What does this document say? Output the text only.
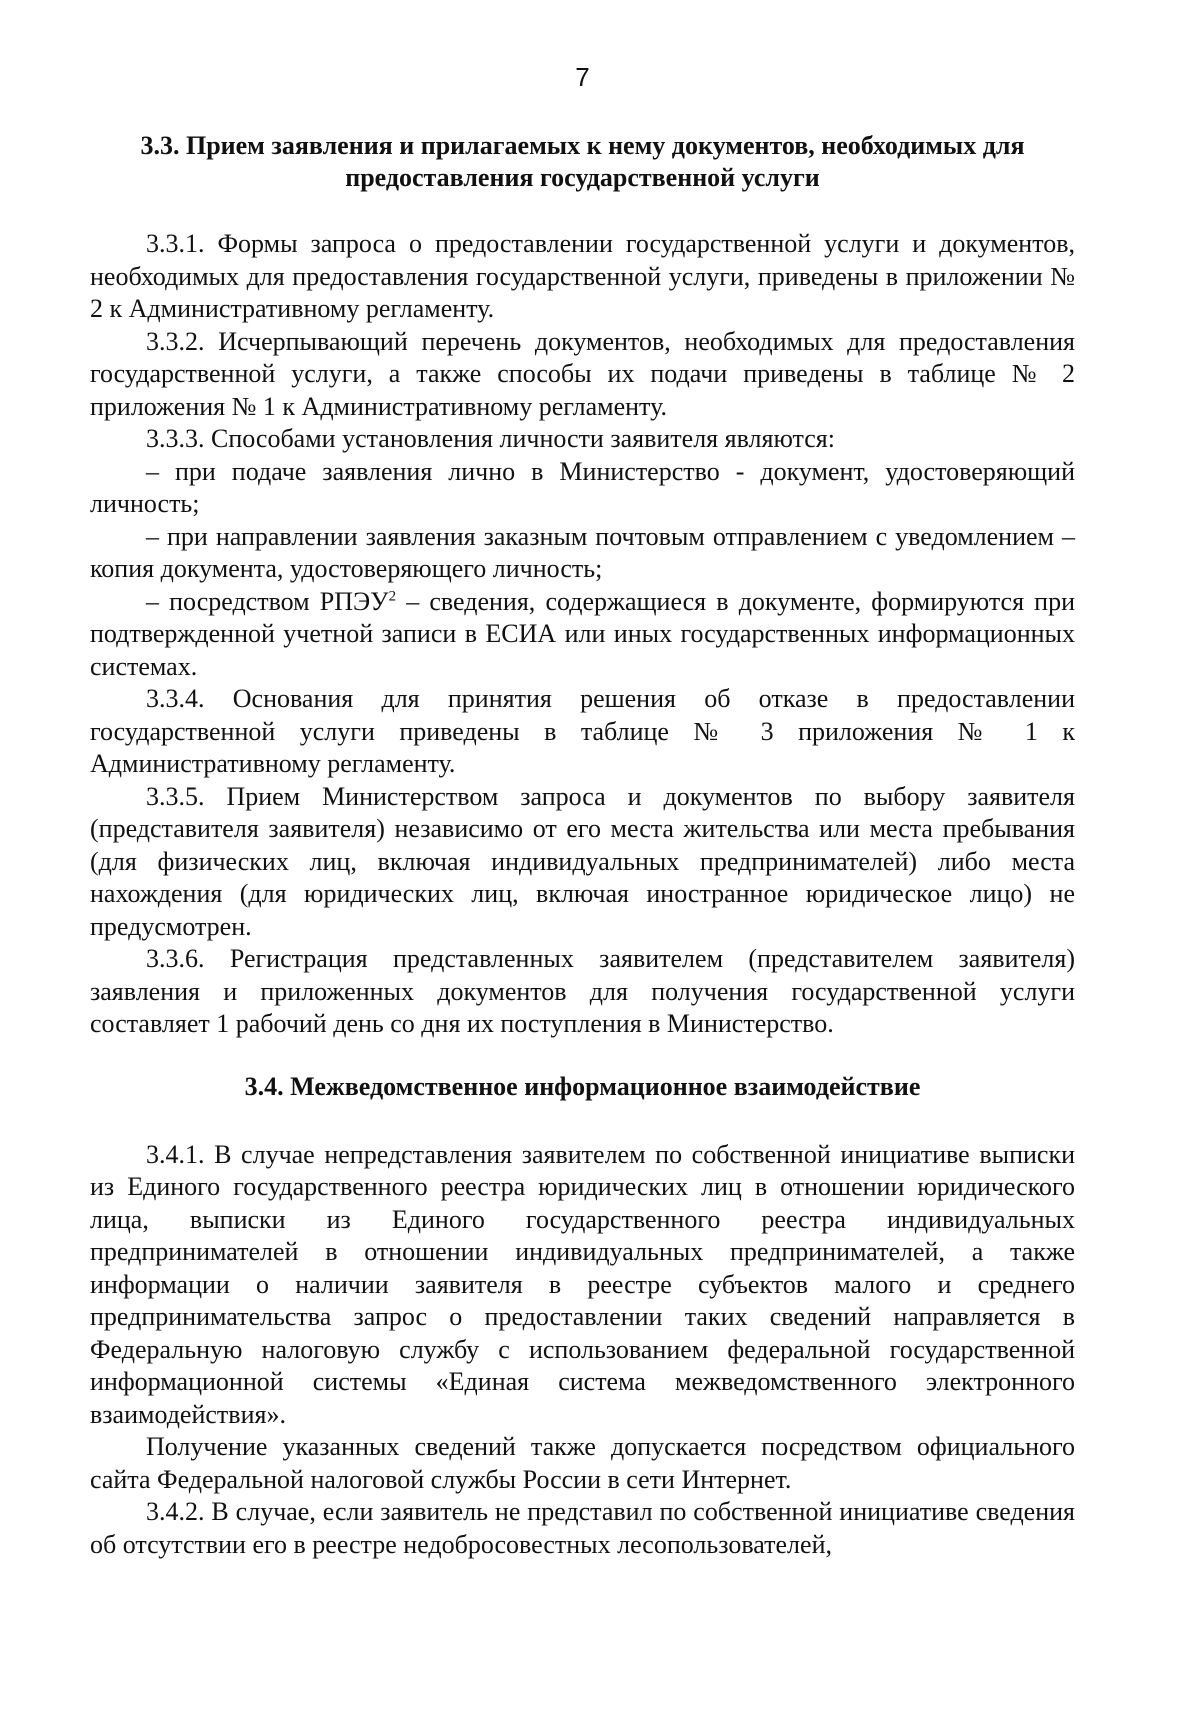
7
3.3. Прием заявления и прилагаемых к нему документов, необходимых для предоставления государственной услуги

3.3.1. Формы запроса о предоставлении государственной услуги и документов, необходимых для предоставления государственной услуги, приведены в приложении № 2 к Административному регламенту.

3.3.2. Исчерпывающий перечень документов, необходимых для предоставления государственной услуги, а также способы их подачи приведены в таблице № 2 приложения № 1 к Административному регламенту.

3.3.3. Способами установления личности заявителя являются:

– при подаче заявления лично в Министерство - документ, удостоверяющий личность;

– при направлении заявления заказным почтовым отправлением с уведомлением – копия документа, удостоверяющего личность;

– посредством РПЭУ$^2$ – сведения, содержащиеся в документе, формируются при подтвержденной учетной записи в ЕСИА или иных государственных информационных системах.

3.3.4. Основания для принятия решения об отказе в предоставлении государственной услуги приведены в таблице № 3 приложения № 1 к Административному регламенту.

3.3.5. Прием Министерством запроса и документов по выбору заявителя (представителя заявителя) независимо от его места жительства или места пребывания (для физических лиц, включая индивидуальных предпринимателей) либо места нахождения (для юридических лиц, включая иностранное юридическое лицо) не предусмотрен.

3.3.6. Регистрация представленных заявителем (представителем заявителя) заявления и приложенных документов для получения государственной услуги составляет 1 рабочий день со дня их поступления в Министерство.

3.4. Межведомственное информационное взаимодействие

3.4.1. В случае непредставления заявителем по собственной инициативе выписки из Единого государственного реестра юридических лиц в отношении юридического лица, выписки из Единого государственного реестра индивидуальных предпринимателей в отношении индивидуальных предпринимателей, а также информации о наличии заявителя в реестре субъектов малого и среднего предпринимательства запрос о предоставлении таких сведений направляется в Федеральную налоговую службу с использованием федеральной государственной информационной системы «Единая система межведомственного электронного взаимодействия».

Получение указанных сведений также допускается посредством официального сайта Федеральной налоговой службы России в сети Интернет.

3.4.2. В случае, если заявитель не представил по собственной инициативе сведения об отсутствии его в реестре недобросовестных лесопользователей,
